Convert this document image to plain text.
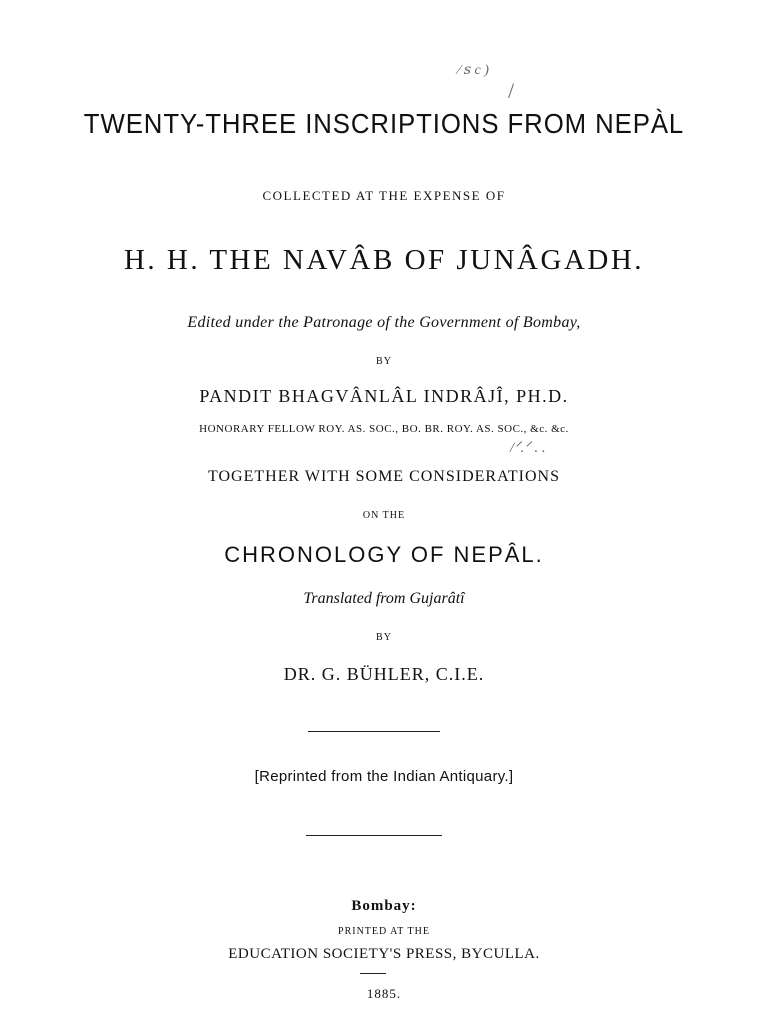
⁄ ꜱ c )
/
TWENTY-THREE INSCRIPTIONS FROM NEPÀL
COLLECTED AT THE EXPENSE OF
H. H. THE NAVÂB OF JUNÂGADH.
Edited under the Patronage of the Government of Bombay,
BY
PANDIT BHAGVÂNLÂL INDRÂJÎ, PH.D.
HONORARY FELLOW ROY. AS. SOC., BO. BR. ROY. AS. SOC., &c. &c.
/ᐟ.ᐟ . .
TOGETHER WITH SOME CONSIDERATIONS
ON THE
CHRONOLOGY OF NEPÂL.
Translated from Gujarâtî
BY
DR. G. BÜHLER, C.I.E.
[Reprinted from the Indian Antiquary.]
Bombay:
PRINTED AT THE
EDUCATION SOCIETY'S PRESS, BYCULLA.
1885.
